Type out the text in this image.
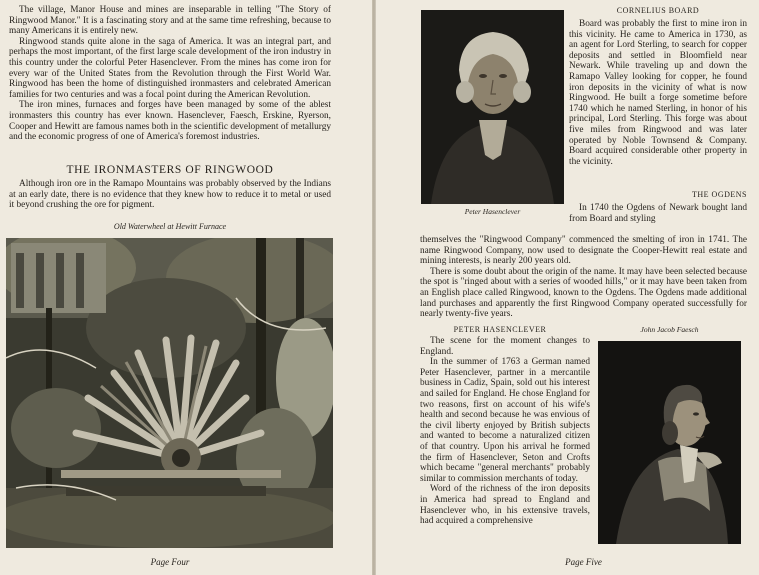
The village, Manor House and mines are inseparable in telling "The Story of Ringwood Manor." It is a fascinating story and at the same time refreshing, because to many Americans it is entirely new.

Ringwood stands quite alone in the saga of America. It was an integral part, and perhaps the most important, of the first large scale development of the iron industry in this country under the colorful Peter Hasenclever. From the mines has come iron for every war of the United States from the Revolution through the First World War. Ringwood has been the home of distinguished ironmasters and celebrated American families for two centuries and was a focal point during the American Revolution.

The iron mines, furnaces and forges have been managed by some of the ablest ironmasters this country has ever known. Hasenclever, Faesch, Erskine, Ryerson, Cooper and Hewitt are famous names both in the scientific development of metallurgy and the economic progress of one of America's foremost industries.

THE IRONMASTERS OF RINGWOOD

Although iron ore in the Ramapo Mountains was probably observed by the Indians at an early date, there is no evidence that they knew how to reduce it to metal or used it beyond crushing the ore for pigment.

Old Waterwheel at Hewitt Furnace
Page Four
Peter Hasenclever
CORNELIUS BOARD

Board was probably the first to mine iron in this vicinity. He came to America in 1730, as an agent for Lord Sterling, to search for copper deposits and settled in Bloomfield near Newark. While traveling up and down the Ramapo Valley looking for copper, he found iron deposits in the vicinity of what is now Ringwood. He built a forge sometime before 1740 which he named Sterling, in honor of his principal, Lord Sterling. This forge was about five miles from Ringwood and was later operated by Noble Townsend & Company. Board acquired considerable other property in the vicinity.

THE OGDENS

In 1740 the Ogdens of Newark bought land from Board and styling

themselves the "Ringwood Company" commenced the smelting of iron in 1741. The name Ringwood Company, now used to designate the Cooper-Hewitt real estate and mining interests, is nearly 200 years old.

There is some doubt about the origin of the name. It may have been selected because the spot is "ringed about with a series of wooded hills," or it may have been taken from an English place called Ringwood, known to the Ogdens. The Ogdens made additional land purchases and apparently the first Ringwood Company operated successfully for nearly twenty-five years.

PETER HASENCLEVER	John Jacob Faesch

The scene for the moment changes to England.

In the summer of 1763 a German named Peter Hasenclever, partner in a mercantile business in Cadiz, Spain, sold out his interest and sailed for England. He chose England for two reasons, first on account of his wife's health and second because he was envious of the civil liberty enjoyed by British subjects and wanted to become a naturalized citizen of that country. Upon his arrival he formed the firm of Hasenclever, Seton and Crofts which became "general merchants" probably similar to commission merchants of today.

Word of the richness of the iron deposits in America had spread to England and Hasenclever who, in his extensive travels, had acquired a comprehensive

Page Five
